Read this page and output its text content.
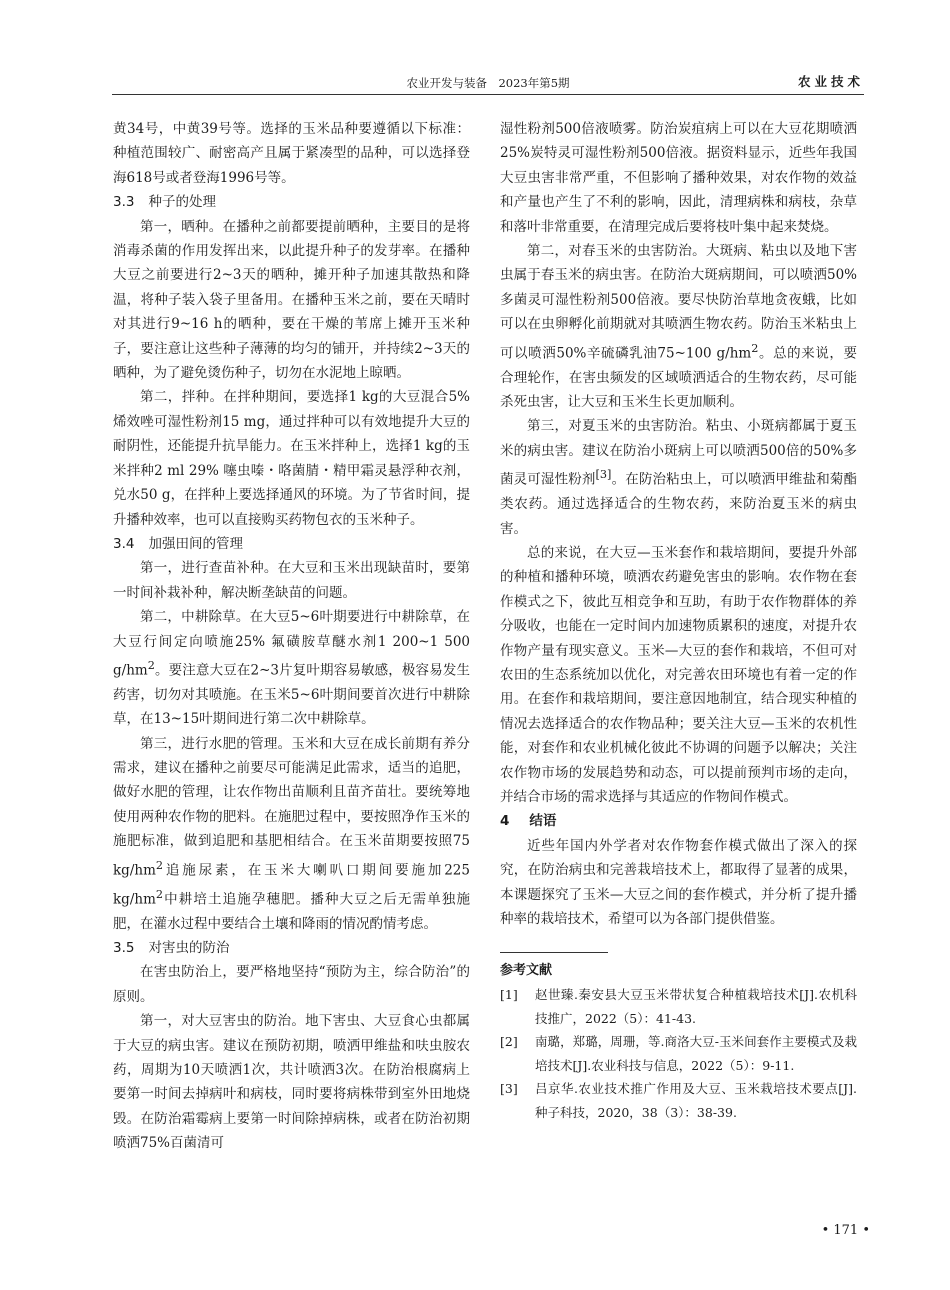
农业开发与装备　2023年第5期	农业技术

黄34号，中黄39号等。选择的玉米品种要遵循以下标准：种植范围较广、耐密高产且属于紧凑型的品种，可以选择登海618号或者登海1996号等。

3.3 种子的处理

第一，晒种。在播种之前都要提前晒种，主要目的是将消毒杀菌的作用发挥出来，以此提升种子的发芽率。在播种大豆之前要进行2~3天的晒种，摊开种子加速其散热和降温，将种子装入袋子里备用。在播种玉米之前，要在天晴时对其进行9~16 h的晒种，要在干燥的苇席上摊开玉米种子，要注意让这些种子薄薄的均匀的铺开，并持续2~3天的晒种，为了避免烫伤种子，切勿在水泥地上晾晒。

第二，拌种。在拌种期间，要选择1 kg的大豆混合5%烯效唑可湿性粉剂15 mg，通过拌种可以有效地提升大豆的耐阴性，还能提升抗旱能力。在玉米拌种上，选择1 kg的玉米拌种2 ml 29% 噻虫嗪・咯菌腈・精甲霜灵悬浮种衣剂，兑水50 g，在拌种上要选择通风的环境。为了节省时间，提升播种效率，也可以直接购买药物包衣的玉米种子。

3.4 加强田间的管理

第一，进行查苗补种。在大豆和玉米出现缺苗时，要第一时间补栽补种，解决断垄缺苗的问题。

第二，中耕除草。在大豆5~6叶期要进行中耕除草，在大豆行间定向喷施25% 氟磺胺草醚水剂1 200~1 500 $g/hm^2$。要注意大豆在2~3片复叶期容易敏感，极容易发生药害，切勿对其喷施。在玉米5~6叶期间要首次进行中耕除草，在13~15叶期间进行第二次中耕除草。

第三，进行水肥的管理。玉米和大豆在成长前期有养分需求，建议在播种之前要尽可能满足此需求，适当的追肥，做好水肥的管理，让农作物出苗顺利且苗齐苗壮。要统筹地使用两种农作物的肥料。在施肥过程中，要按照净作玉米的施肥标准，做到追肥和基肥相结合。在玉米苗期要按照75 $kg/hm^2$追施尿素，在玉米大喇叭口期间要施加225 $kg/hm^2$中耕培土追施孕穗肥。播种大豆之后无需单独施肥，在灌水过程中要结合土壤和降雨的情况酌情考虑。

3.5 对害虫的防治

在害虫防治上，要严格地坚持“预防为主，综合防治”的原则。

第一，对大豆害虫的防治。地下害虫、大豆食心虫都属于大豆的病虫害。建议在预防初期，喷洒甲维盐和呋虫胺农药，周期为10天喷洒1次，共计喷洒3次。在防治根腐病上要第一时间去掉病叶和病枝，同时要将病株带到室外田地烧毁。在防治霜霉病上要第一时间除掉病株，或者在防治初期喷洒75%百菌清可

湿性粉剂500倍液喷雾。防治炭疽病上可以在大豆花期喷洒25%炭特灵可湿性粉剂500倍液。据资料显示，近些年我国大豆虫害非常严重，不但影响了播种效果，对农作物的效益和产量也产生了不利的影响，因此，清理病株和病枝，杂草和落叶非常重要，在清理完成后要将枝叶集中起来焚烧。

第二，对春玉米的虫害防治。大斑病、粘虫以及地下害虫属于春玉米的病虫害。在防治大斑病期间，可以喷洒50%多菌灵可湿性粉剂500倍液。要尽快防治草地贪夜蛾，比如可以在虫卵孵化前期就对其喷洒生物农药。防治玉米粘虫上可以喷洒50%辛硫磷乳油75~100 $g/hm^2$。总的来说，要合理轮作，在害虫频发的区域喷洒适合的生物农药，尽可能杀死虫害，让大豆和玉米生长更加顺利。

第三，对夏玉米的虫害防治。粘虫、小斑病都属于夏玉米的病虫害。建议在防治小斑病上可以喷洒500倍的50%多菌灵可湿性粉剂[3]。在防治粘虫上，可以喷洒甲维盐和菊酯类农药。通过选择适合的生物农药，来防治夏玉米的病虫害。

总的来说，在大豆—玉米套作和栽培期间，要提升外部的种植和播种环境，喷洒农药避免害虫的影响。农作物在套作模式之下，彼此互相竞争和互助，有助于农作物群体的养分吸收，也能在一定时间内加速物质累积的速度，对提升农作物产量有现实意义。玉米—大豆的套作和栽培，不但可对农田的生态系统加以优化，对完善农田环境也有着一定的作用。在套作和栽培期间，要注意因地制宜，结合现实种植的情况去选择适合的农作物品种；要关注大豆—玉米的农机性能，对套作和农业机械化彼此不协调的问题予以解决；关注农作物市场的发展趋势和动态，可以提前预判市场的走向，并结合市场的需求选择与其适应的作物间作模式。

4 结语

近些年国内外学者对农作物套作模式做出了深入的探究，在防治病虫和完善栽培技术上，都取得了显著的成果，本课题探究了玉米—大豆之间的套作模式，并分析了提升播种率的栽培技术，希望可以为各部门提供借鉴。

参考文献
[1] 赵世臻.秦安县大豆玉米带状复合种植栽培技术[J].农机科技推广，2022（5）：41-43.
[2] 南璐，郑璐，周珊，等.商洛大豆-玉米间套作主要模式及栽培技术[J].农业科技与信息，2022（5）：9-11.
[3] 吕京华.农业技术推广作用及大豆、玉米栽培技术要点[J].种子科技，2020，38（3）：38-39.
• 171 •
